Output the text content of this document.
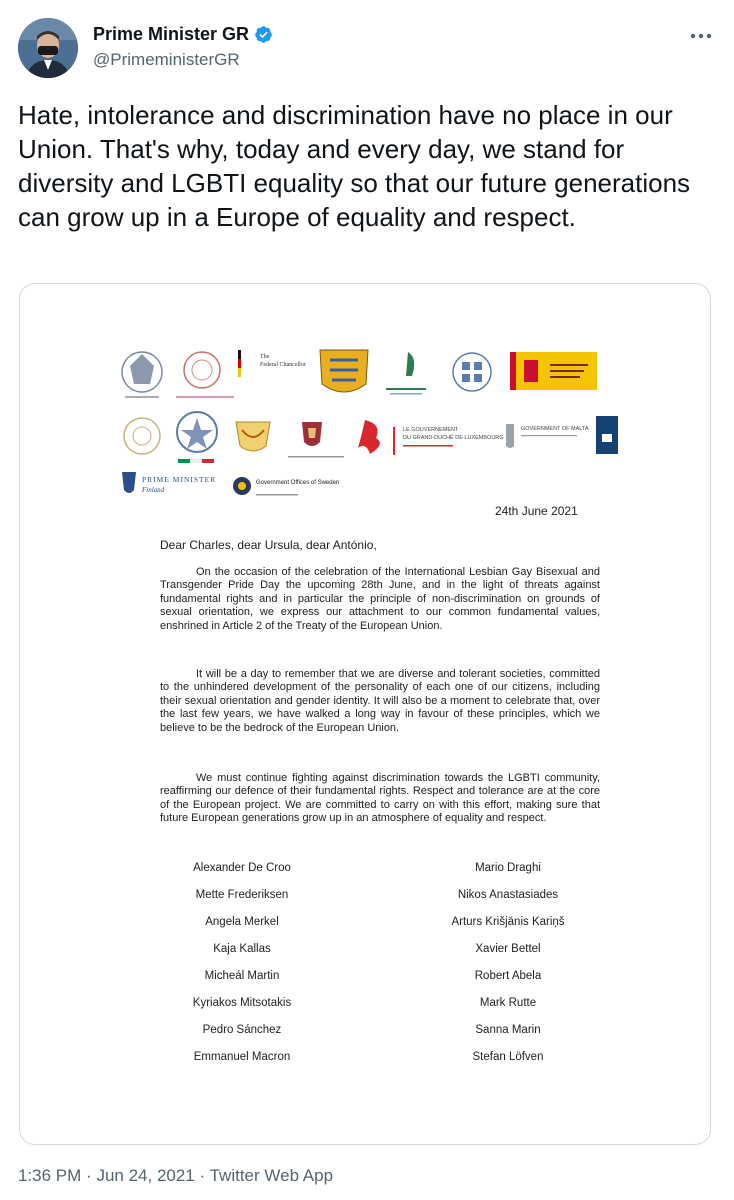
Prime Minister GR
@PrimeministerGR
Hate, intolerance and discrimination have no place in our Union. That's why, today and every day, we stand for diversity and LGBTI equality so that our future generations can grow up in a Europe of equality and respect.
The
Federal Chancellor
LE GOUVERNEMENT
DU GRAND-DUCHÉ DE LUXEMBOURG
GOVERNMENT OF MALTA
PRIME MINISTER
Finland
Government Offices of Sweden
24th June 2021
Dear Charles, dear Ursula, dear António,

On the occasion of the celebration of the International Lesbian Gay Bisexual and Transgender Pride Day the upcoming 28th June, and in the light of threats against fundamental rights and in particular the principle of non-discrimination on grounds of sexual orientation, we express our attachment to our common fundamental values, enshrined in Article 2 of the Treaty of the European Union.

It will be a day to remember that we are diverse and tolerant societies, committed to the unhindered development of the personality of each one of our citizens, including their sexual orientation and gender identity. It will also be a moment to celebrate that, over the last few years, we have walked a long way in favour of these principles, which we believe to be the bedrock of the European Union.

We must continue fighting against discrimination towards the LGBTI community, reaffirming our defence of their fundamental rights. Respect and tolerance are at the core of the European project. We are committed to carry on with this effort, making sure that future European generations grow up in an atmosphere of equality and respect.

Alexander De Croo
Mette Frederiksen
Angela Merkel
Kaja Kallas
Micheál Martin
Kyriakos Mitsotakis
Pedro Sánchez
Emmanuel Macron
Mario Draghi
Nikos Anastasiades
Arturs Krišjānis Kariņš
Xavier Bettel
Robert Abela
Mark Rutte
Sanna Marin
Stefan Löfven
1:36 PM · Jun 24, 2021 · Twitter Web App
